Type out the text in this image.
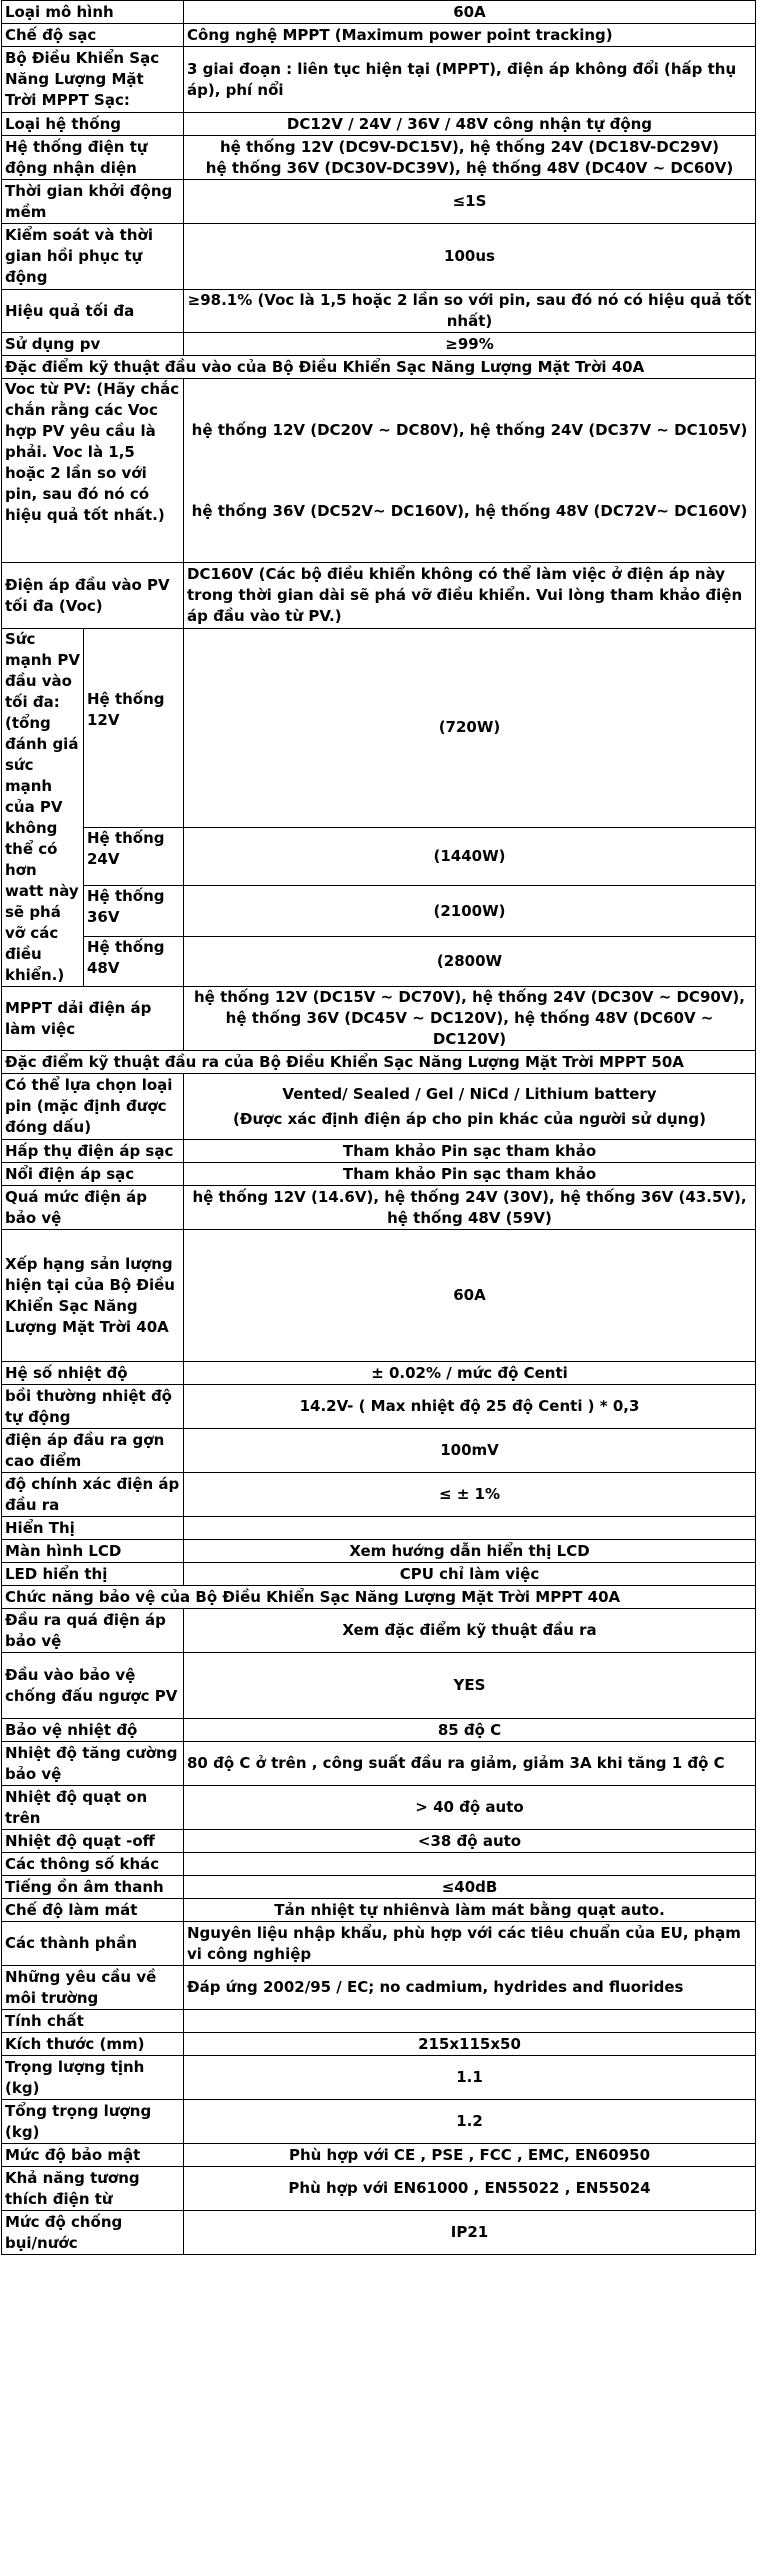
Loại mô hình		60A
Chế độ sạc		Công nghệ MPPT (Maximum power point tracking)
Bộ Điều Khiển Sạc Năng Lượng Mặt Trời MPPT Sạc:		3 giai đoạn : liên tục hiện tại (MPPT), điện áp không đổi (hấp thụ áp), phí nổi
Loại hệ thống		DC12V / 24V / 36V / 48V công nhận tự động
Hệ thống điện tự động nhận diện		hệ thống 12V (DC9V-DC15V), hệ thống 24V (DC18V-DC29V)
hệ thống 36V (DC30V-DC39V), hệ thống 48V (DC40V ~ DC60V)

Thời gian khởi động mềm		≤1S
Kiểm soát và thời gian hồi phục tự động		100us
Hiệu quả tối đa		≥98.1% (Voc là 1,5 hoặc 2 lần so với pin, sau đó nó có hiệu quả tốt nhất)
Sử dụng pv		≥99%
Đặc điểm kỹ thuật đầu vào của Bộ Điều Khiển Sạc Năng Lượng Mặt Trời 40A		
Voc từ PV: (Hãy chắc chắn rằng các Voc hợp PV yêu cầu là phải. Voc là 1,5 hoặc 2 lần so với pin, sau đó nó có hiệu quả tốt nhất.)		hệ thống 12V (DC20V ~ DC80V), hệ thống 24V (DC37V ~ DC105V)
hệ thống 36V (DC52V~ DC160V), hệ thống 48V (DC72V~ DC160V)

Điện áp đầu vào PV tối đa (Voc)		DC160V (Các bộ điều khiển không có thể làm việc ở điện áp này trong thời gian dài sẽ phá vỡ điều khiển. Vui lòng tham khảo điện áp đầu vào từ PV.)
Sức mạnh PV đầu vào tối đa: (tổng đánh giá sức mạnh của PV không thể có hơn watt này sẽ phá vỡ các điều khiển.)	Hệ thống 12V	(720W)
	Hệ thống 24V	(1440W)
	Hệ thống 36V	(2100W)
	Hệ thống 48V	(2800W
MPPT dải điện áp làm việc		hệ thống 12V (DC15V ~ DC70V), hệ thống 24V (DC30V ~ DC90V),
hệ thống 36V (DC45V ~ DC120V), hệ thống 48V (DC60V ~ DC120V)

Đặc điểm kỹ thuật đầu ra của Bộ Điều Khiển Sạc Năng Lượng Mặt Trời MPPT 50A		
Có thể lựa chọn loại pin (mặc định được đóng dấu)		Vented/ Sealed / Gel / NiCd / Lithium battery
(Được xác định điện áp cho pin khác của người sử dụng)

Hấp thụ điện áp sạc		Tham khảo Pin sạc tham khảo
Nổi điện áp sạc		Tham khảo Pin sạc tham khảo
Quá mức điện áp bảo vệ		hệ thống 12V (14.6V), hệ thống 24V (30V), hệ thống 36V (43.5V), hệ thống 48V (59V)
Xếp hạng sản lượng hiện tại của Bộ Điều Khiển Sạc Năng Lượng Mặt Trời 40A		60A
Hệ số nhiệt độ		± 0.02% / mức độ Centi
bồi thường nhiệt độ tự động		14.2V- ( Max nhiệt độ 25 độ Centi ) * 0,3
điện áp đầu ra gợn cao điểm		100mV
độ chính xác điện áp đầu ra		≤ ± 1%
Hiển Thị		
Màn hình LCD		Xem hướng dẫn hiển thị LCD
LED hiển thị		CPU chỉ làm việc
Chức năng bảo vệ của Bộ Điều Khiển Sạc Năng Lượng Mặt Trời MPPT 40A		
Đầu ra quá điện áp bảo vệ		Xem đặc điểm kỹ thuật đầu ra
Đầu vào bảo vệ chống đấu ngược PV		YES
Bảo vệ nhiệt độ		85 độ C
Nhiệt độ tăng cường bảo vệ		80 độ C ở trên , công suất đầu ra giảm, giảm 3A khi tăng 1 độ C
Nhiệt độ quạt on trên		> 40 độ auto
Nhiệt độ quạt -off		<38 độ auto
Các thông số khác		
Tiếng ồn âm thanh		≤40dB
Chế độ làm mát		Tản nhiệt tự nhiênvà làm mát bằng quạt auto.
Các thành phần		Nguyên liệu nhập khẩu, phù hợp với các tiêu chuẩn của EU, phạm vi công nghiệp
Những yêu cầu về môi trường		Đáp ứng 2002/95 / EC; no cadmium, hydrides and fluorides
Tính chất		
Kích thước (mm)		215x115x50
Trọng lượng tịnh (kg)		1.1
Tổng trọng lượng (kg)		1.2
Mức độ bảo mật		Phù hợp với CE , PSE , FCC , EMC, EN60950
Khả năng tương thích điện từ		Phù hợp với EN61000 , EN55022 , EN55024
Mức độ chống bụi/nước		IP21
